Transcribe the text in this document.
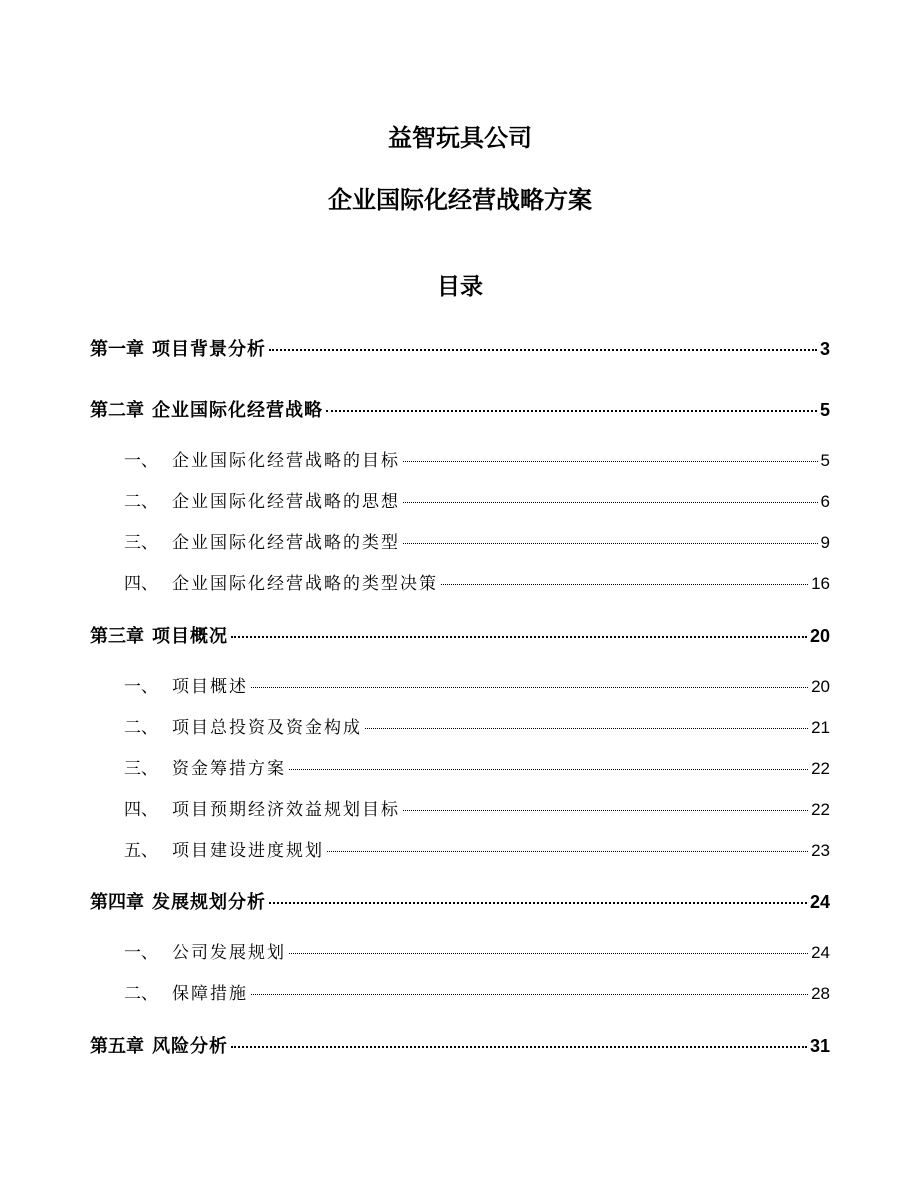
益智玩具公司
企业国际化经营战略方案
目录
第一章 项目背景分析	3
第二章 企业国际化经营战略	5
一、 企业国际化经营战略的目标	5
二、 企业国际化经营战略的思想	6
三、 企业国际化经营战略的类型	9
四、 企业国际化经营战略的类型决策	16
第三章 项目概况	20
一、 项目概述	20
二、 项目总投资及资金构成	21
三、 资金筹措方案	22
四、 项目预期经济效益规划目标	22
五、 项目建设进度规划	23
第四章 发展规划分析	24
一、 公司发展规划	24
二、 保障措施	28
第五章 风险分析	31
